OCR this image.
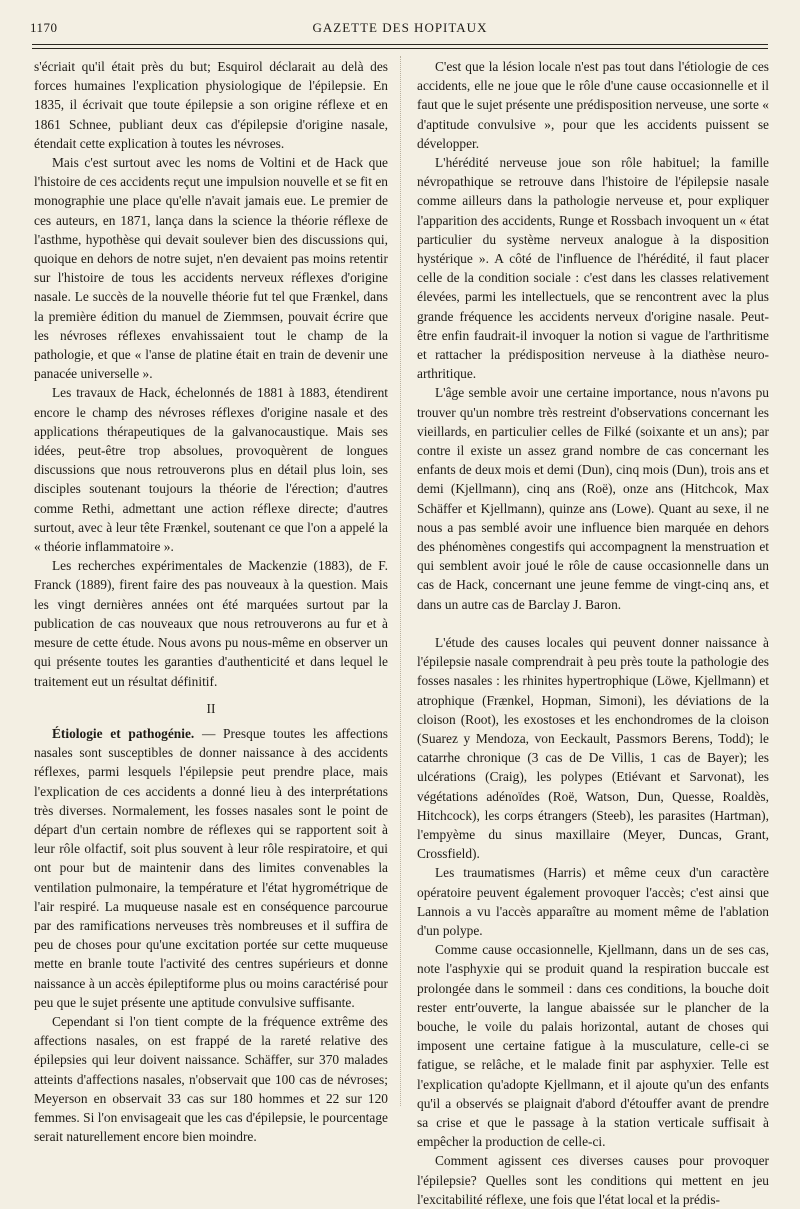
1170	GAZETTE DES HOPITAUX

s'écriait qu'il était près du but; Esquirol déclarait au delà des forces humaines l'explication physiologique de l'épilepsie. En 1835, il écrivait que toute épilepsie a son origine réflexe et en 1861 Schnee, publiant deux cas d'épilepsie d'origine nasale, étendait cette explication à toutes les névroses.

Mais c'est surtout avec les noms de Voltini et de Hack que l'histoire de ces accidents reçut une impulsion nouvelle et se fit en monographie une place qu'elle n'avait jamais eue. Le premier de ces auteurs, en 1871, lança dans la science la théorie réflexe de l'asthme, hypothèse qui devait soulever bien des discussions qui, quoique en dehors de notre sujet, n'en devaient pas moins retentir sur l'histoire de tous les accidents nerveux réflexes d'origine nasale. Le succès de la nouvelle théorie fut tel que Frænkel, dans la première édition du manuel de Ziemmsen, pouvait écrire que les névroses réflexes envahissaient tout le champ de la pathologie, et que « l'anse de platine était en train de devenir une panacée universelle ».

Les travaux de Hack, échelonnés de 1881 à 1883, étendirent encore le champ des névroses réflexes d'origine nasale et des applications thérapeutiques de la galvanocaustique. Mais ses idées, peut-être trop absolues, provoquèrent de longues discussions que nous retrouverons plus en détail plus loin, ses disciples soutenant toujours la théorie de l'érection; d'autres comme Rethi, admettant une action réflexe directe; d'autres surtout, avec à leur tête Frænkel, soutenant ce que l'on a appelé la « théorie inflammatoire ».

Les recherches expérimentales de Mackenzie (1883), de F. Franck (1889), firent faire des pas nouveaux à la question. Mais les vingt dernières années ont été marquées surtout par la publication de cas nouveaux que nous retrouverons au fur et à mesure de cette étude. Nous avons pu nous-même en observer un qui présente toutes les garanties d'authenticité et dans lequel le traitement eut un résultat définitif.

II

Étiologie et pathogénie. — Presque toutes les affections nasales sont susceptibles de donner naissance à des accidents réflexes, parmi lesquels l'épilepsie peut prendre place, mais l'explication de ces accidents a donné lieu à des interprétations très diverses. Normalement, les fosses nasales sont le point de départ d'un certain nombre de réflexes qui se rapportent soit à leur rôle olfactif, soit plus souvent à leur rôle respiratoire, et qui ont pour but de maintenir dans des limites convenables la ventilation pulmonaire, la température et l'état hygrométrique de l'air respiré. La muqueuse nasale est en conséquence parcourue par des ramifications nerveuses très nombreuses et il suffira de peu de choses pour qu'une excitation portée sur cette muqueuse mette en branle toute l'activité des centres supérieurs et donne naissance à un accès épileptiforme plus ou moins caractérisé pour peu que le sujet présente une aptitude convulsive suffisante.

Cependant si l'on tient compte de la fréquence extrême des affections nasales, on est frappé de la rareté relative des épilepsies qui leur doivent naissance. Schäffer, sur 370 malades atteints d'affections nasales, n'observait que 100 cas de névroses; Meyerson en observait 33 cas sur 180 hommes et 22 sur 120 femmes. Si l'on envisageait que les cas d'épilepsie, le pourcentage serait naturellement encore bien moindre.

C'est que la lésion locale n'est pas tout dans l'étiologie de ces accidents, elle ne joue que le rôle d'une cause occasionnelle et il faut que le sujet présente une prédisposition nerveuse, une sorte « d'aptitude convulsive », pour que les accidents puissent se développer.

L'hérédité nerveuse joue son rôle habituel; la famille névropathique se retrouve dans l'histoire de l'épilepsie nasale comme ailleurs dans la pathologie nerveuse et, pour expliquer l'apparition des accidents, Runge et Rossbach invoquent un « état particulier du système nerveux analogue à la disposition hystérique ». A côté de l'influence de l'hérédité, il faut placer celle de la condition sociale : c'est dans les classes relativement élevées, parmi les intellectuels, que se rencontrent avec la plus grande fréquence les accidents nerveux d'origine nasale. Peut-être enfin faudrait-il invoquer la notion si vague de l'arthritisme et rattacher la prédisposition nerveuse à la diathèse neuro-arthritique.

L'âge semble avoir une certaine importance, nous n'avons pu trouver qu'un nombre très restreint d'observations concernant les vieillards, en particulier celles de Filké (soixante et un ans); par contre il existe un assez grand nombre de cas concernant les enfants de deux mois et demi (Dun), cinq mois (Dun), trois ans et demi (Kjellmann), cinq ans (Roë), onze ans (Hitchcok, Max Schäffer et Kjellmann), quinze ans (Lowe). Quant au sexe, il ne nous a pas semblé avoir une influence bien marquée en dehors des phénomènes congestifs qui accompagnent la menstruation et qui semblent avoir joué le rôle de cause occasionnelle dans un cas de Hack, concernant une jeune femme de vingt-cinq ans, et dans un autre cas de Barclay J. Baron.

L'étude des causes locales qui peuvent donner naissance à l'épilepsie nasale comprendrait à peu près toute la pathologie des fosses nasales : les rhinites hypertrophique (Löwe, Kjellmann) et atrophique (Frænkel, Hopman, Simoni), les déviations de la cloison (Root), les exostoses et les enchondromes de la cloison (Suarez y Mendoza, von Eeckault, Passmors Berens, Todd); le catarrhe chronique (3 cas de De Villis, 1 cas de Bayer); les ulcérations (Craig), les polypes (Etiévant et Sarvonat), les végétations adénoïdes (Roë, Watson, Dun, Quesse, Roaldès, Hitchcock), les corps étrangers (Steeb), les parasites (Hartman), l'empyème du sinus maxillaire (Meyer, Duncas, Grant, Crossfield).

Les traumatismes (Harris) et même ceux d'un caractère opératoire peuvent également provoquer l'accès; c'est ainsi que Lannois a vu l'accès apparaître au moment même de l'ablation d'un polype.

Comme cause occasionnelle, Kjellmann, dans un de ses cas, note l'asphyxie qui se produit quand la respiration buccale est prolongée dans le sommeil : dans ces conditions, la bouche doit rester entr'ouverte, la langue abaissée sur le plancher de la bouche, le voile du palais horizontal, autant de choses qui imposent une certaine fatigue à la musculature, celle-ci se fatigue, se relâche, et le malade finit par asphyxier. Telle est l'explication qu'adopte Kjellmann, et il ajoute qu'un des enfants qu'il a observés se plaignait d'abord d'étouffer avant de prendre sa crise et que le passage à la station verticale suffisait à empêcher la production de celle-ci.

Comment agissent ces diverses causes pour provoquer l'épilepsie? Quelles sont les conditions qui mettent en jeu l'excitabilité réflexe, une fois que l'état local et la prédis-
